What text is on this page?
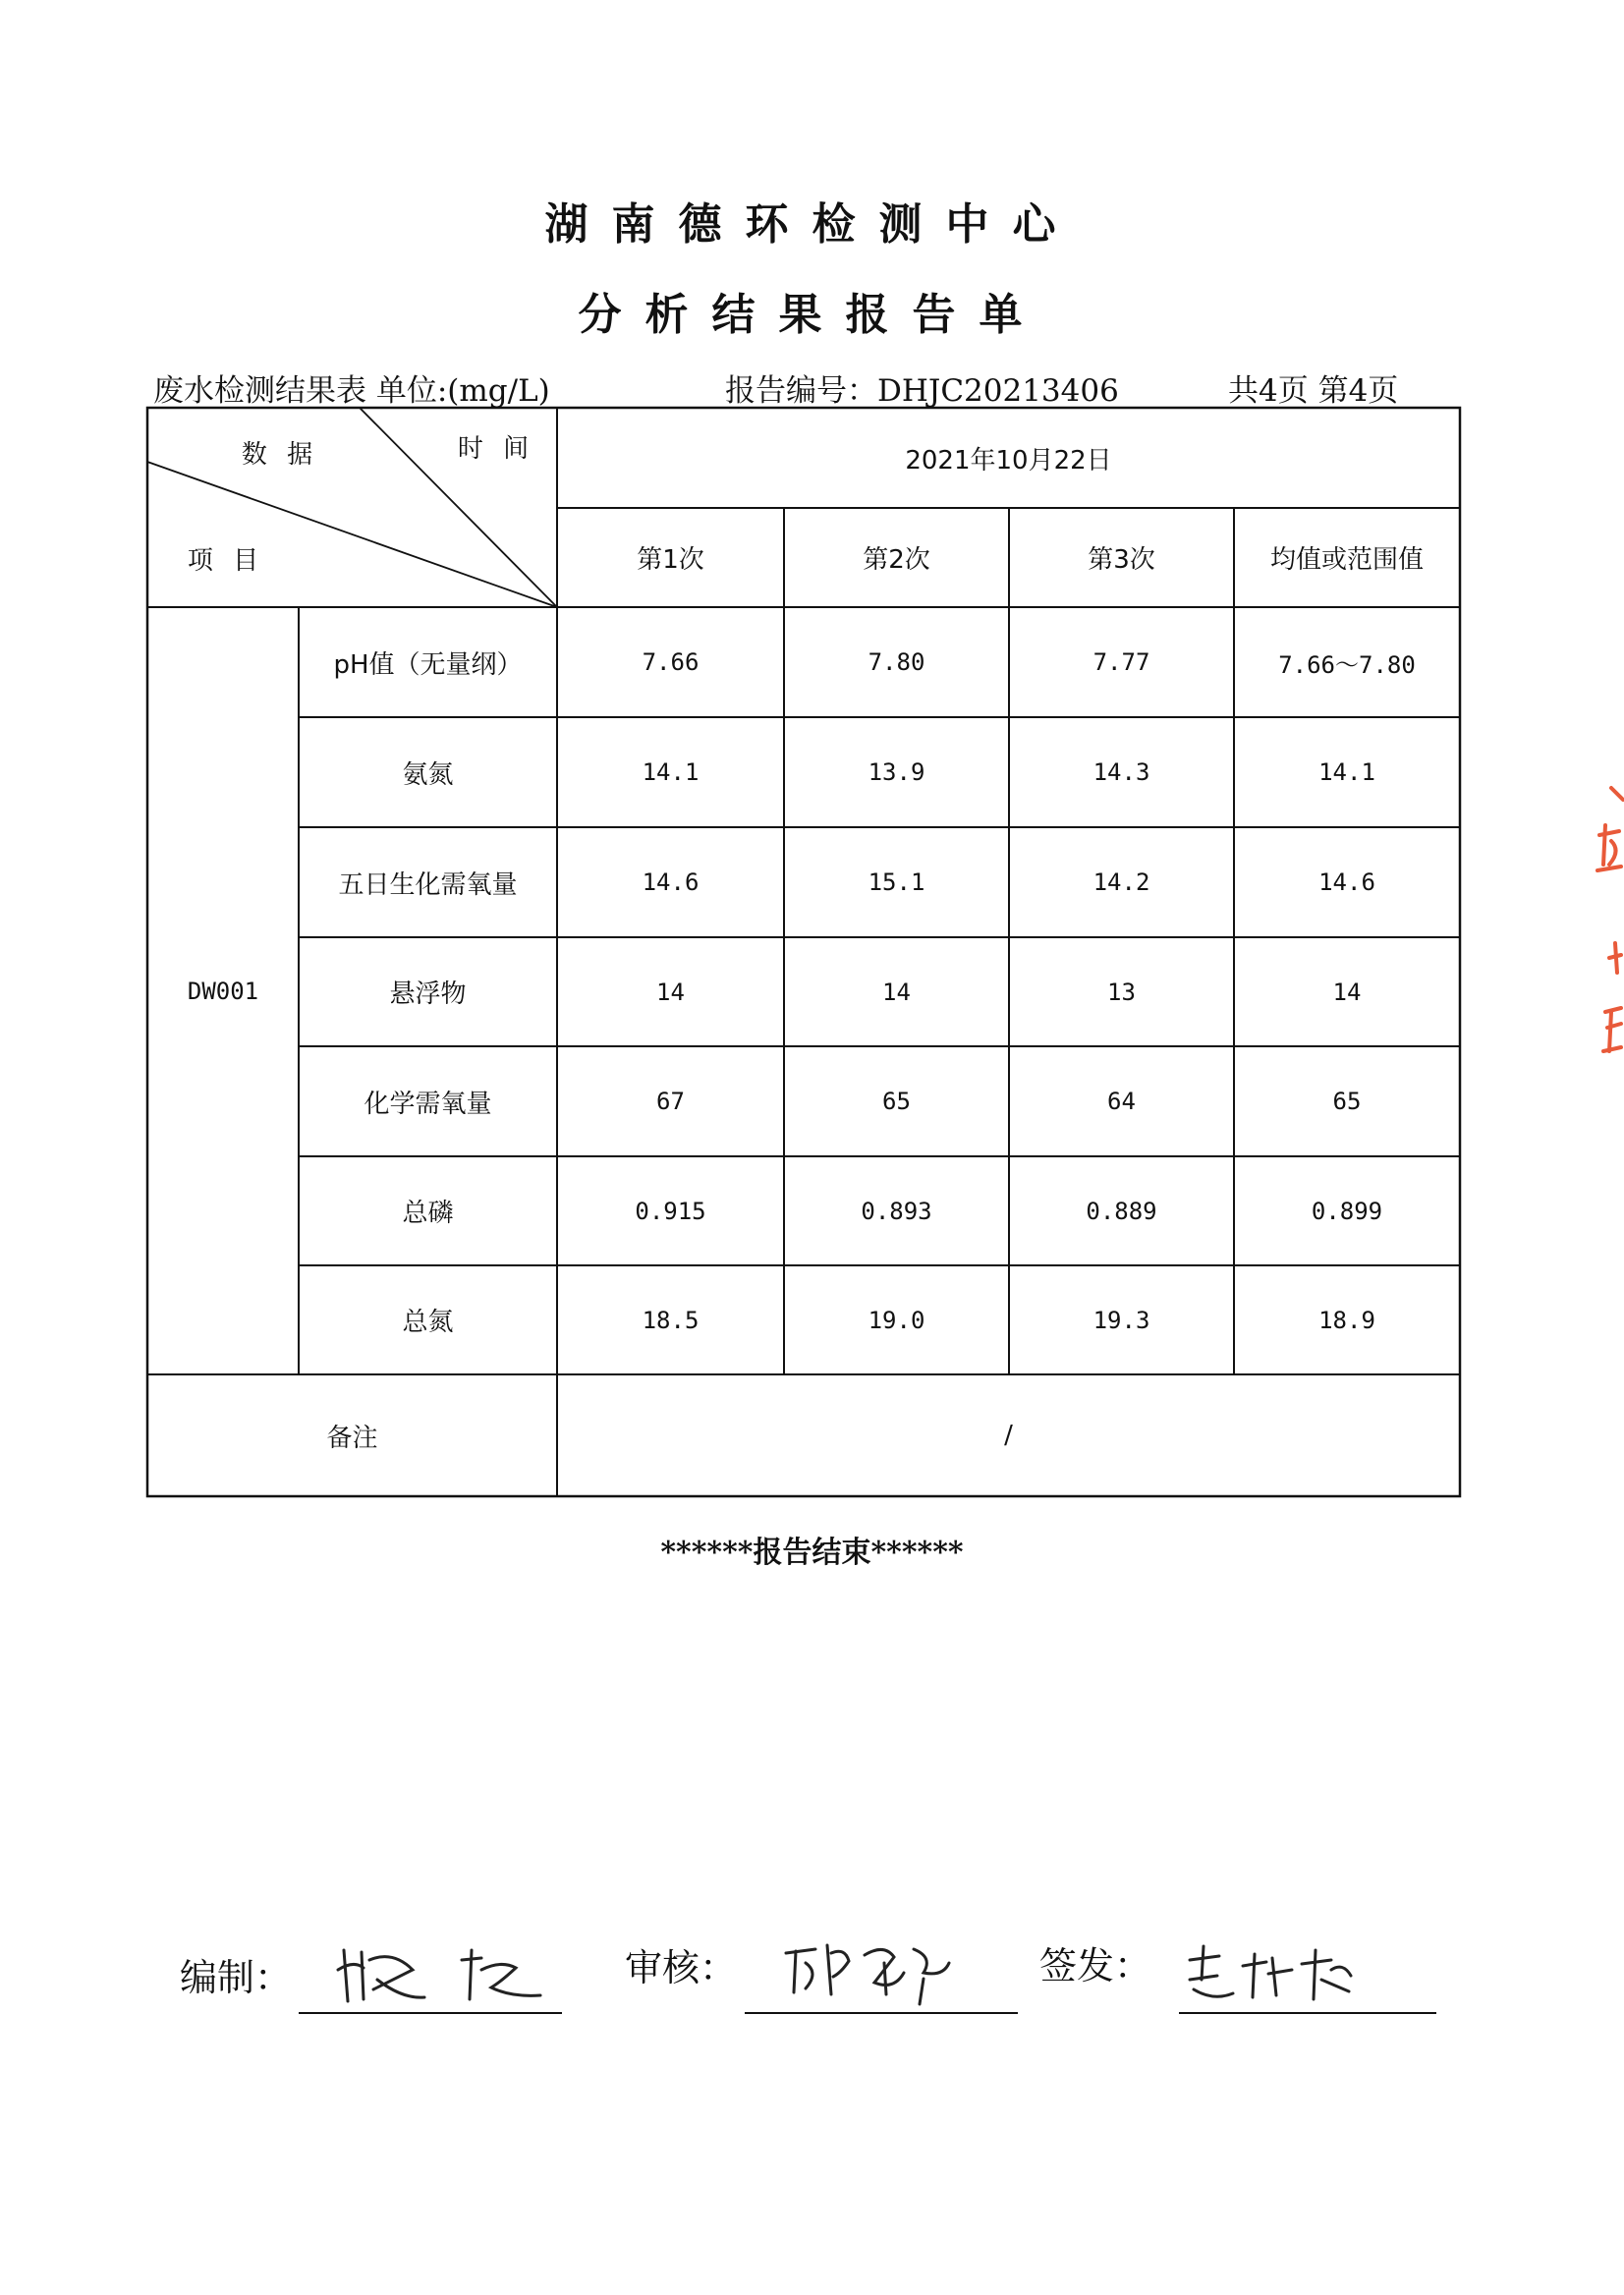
湖南德环检测中心
分析结果报告单
废水检测结果表 单位:(mg/L)	报告编号：DHJC20213406	共4页 第4页
数 据	时 间
项 目
2021年10月22日
第1次	第2次	第3次	均值或范围值
DW001
pH值（无量纲）	7.66	7.80	7.77	7.66～7.80
氨氮	14.1	13.9	14.3	14.1
五日生化需氧量	14.6	15.1	14.2	14.6
悬浮物	14	14	13	14
化学需氧量	67	65	64	65
总磷	0.915	0.893	0.889	0.899
总氮	18.5	19.0	19.3	18.9
备注	/
******报告结束******
编制：	审核：	签发：
